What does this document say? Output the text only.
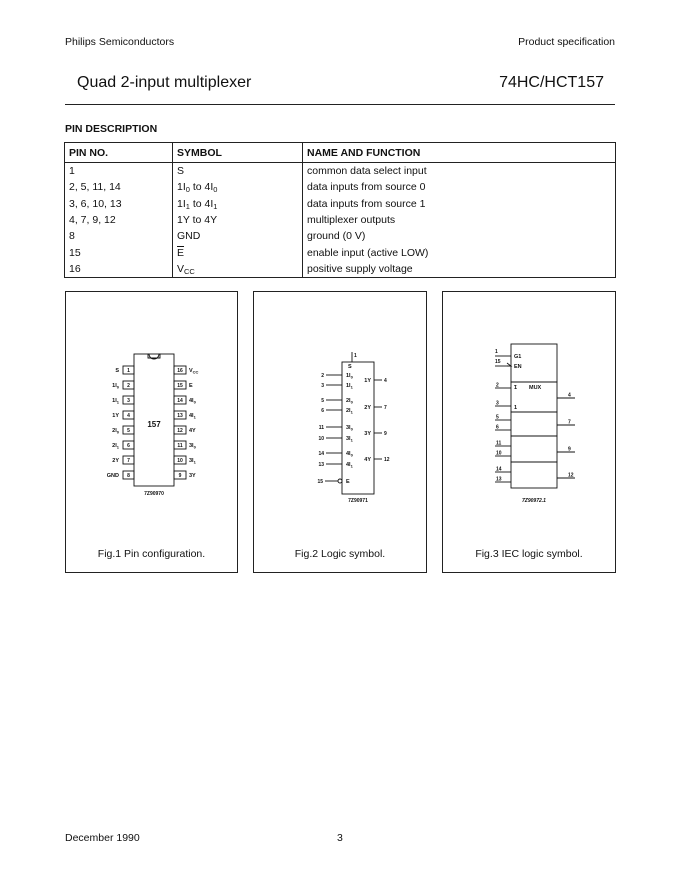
Philips Semiconductors	Product specification
Quad 2-input multiplexer	74HC/HCT157
PIN DESCRIPTION
PIN NO.	SYMBOL	NAME AND FUNCTION
1	S	common data select input
2, 5, 11, 14	$1I_0$ to $4I_0$	data inputs from source 0
3, 6, 10, 13	$1I_1$ to $4I_1$	data inputs from source 1
4, 7, 9, 12	1Y to 4Y	multiplexer outputs
8	GND	ground (0 V)
15	$\overline{E}$	enable input (active LOW)
16	$V_{CC}$	positive supply voltage
157
7Z90970
1
S
2
$1I_0$
3
$1I_1$
4
1Y
5
$2I_0$
6
$2I_1$
7
2Y
8
GND
16 $V_{CC}$
15 E
14 $4I_0$
13 $4I_1$
12 4Y
11 $3I_0$
10 $3I_1$
9 3Y
Fig.1 Pin configuration.
1
S
15	E
7Z90971
2	$1I_0$
3	$1I_1$
5	$2I_0$
6	$2I_1$
11	$3I_0$
10	$3I_1$
14	$4I_0$
13	$4I_1$
4
1Y
7
2Y
9
3Y
12
4Y
Fig.2 Logic symbol.
1
15
G1
EN
MUX
1
1
7Z90972.1
2
3
5
6
11
10
14
13
4
7
9
12
Fig.3 IEC logic symbol.
December 1990	3
